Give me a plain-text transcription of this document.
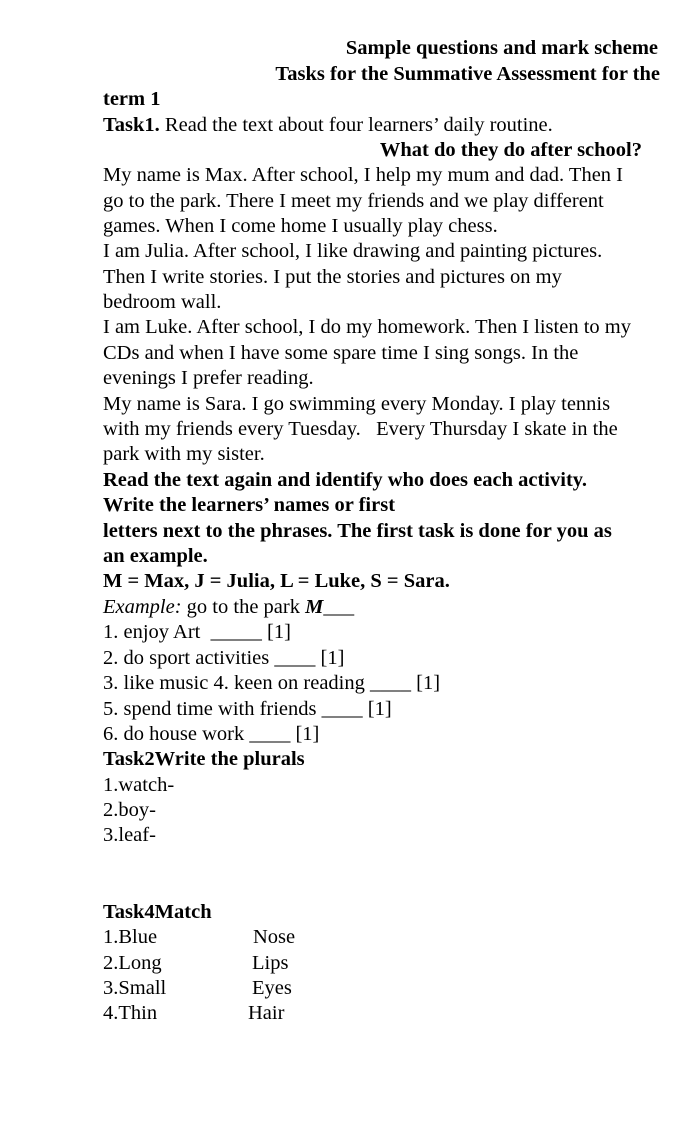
Sample questions and mark scheme
Tasks for the Summative Assessment for the
term 1
Task1. Read the text about four learners’ daily routine.
What do they do after school?
My name is Max. After school, I help my mum and dad. Then I
go to the park. There I meet my friends and we play different
games. When I come home I usually play chess.
I am Julia. After school, I like drawing and painting pictures.
Then I write stories. I put the stories and pictures on my
bedroom wall.
I am Luke. After school, I do my homework. Then I listen to my
CDs and when I have some spare time I sing songs. In the
evenings I prefer reading.
My name is Sara. I go swimming every Monday. I play tennis
with my friends every Tuesday.   Every Thursday I skate in the
park with my sister.
Read the text again and identify who does each activity.
Write the learners’ names or first
letters next to the phrases. The first task is done for you as
an example.
M = Max, J = Julia, L = Luke, S = Sara.
Example: go to the park M___
1. enjoy Art  _____ [1]
2. do sport activities ____ [1]
3. like music 4. keen on reading ____ [1]
5. spend time with friends ____ [1]
6. do house work ____ [1]
Task2Write the plurals
1.watch-
2.boy-
3.leaf-
Task4Match
1.Blue
2.Long
3.Small
4.Thin
Nose
Lips
Eyes
Hair
